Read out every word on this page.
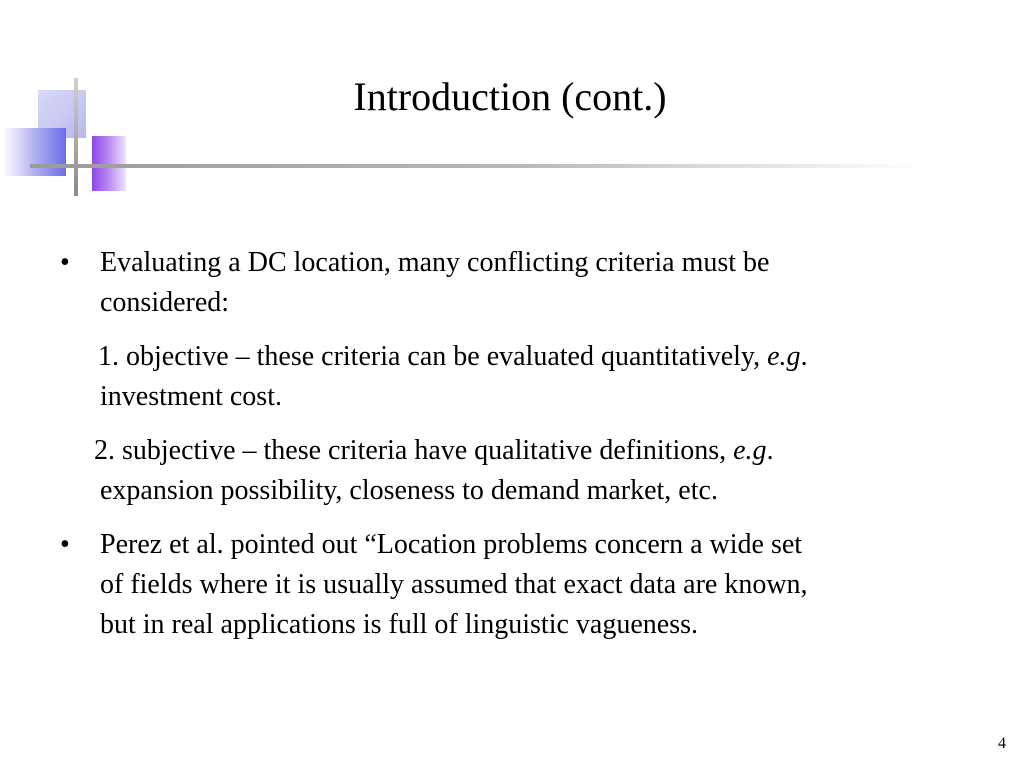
Introduction (cont.)
• Evaluating a DC location, many conflicting criteria must be
considered:
1. objective – these criteria can be evaluated quantitatively, e.g.
investment cost.
2. subjective – these criteria have qualitative definitions, e.g.
expansion possibility, closeness to demand market, etc.
• Perez et al. pointed out “Location problems concern a wide set
of fields where it is usually assumed that exact data are known,
but in real applications is full of linguistic vagueness.
4
